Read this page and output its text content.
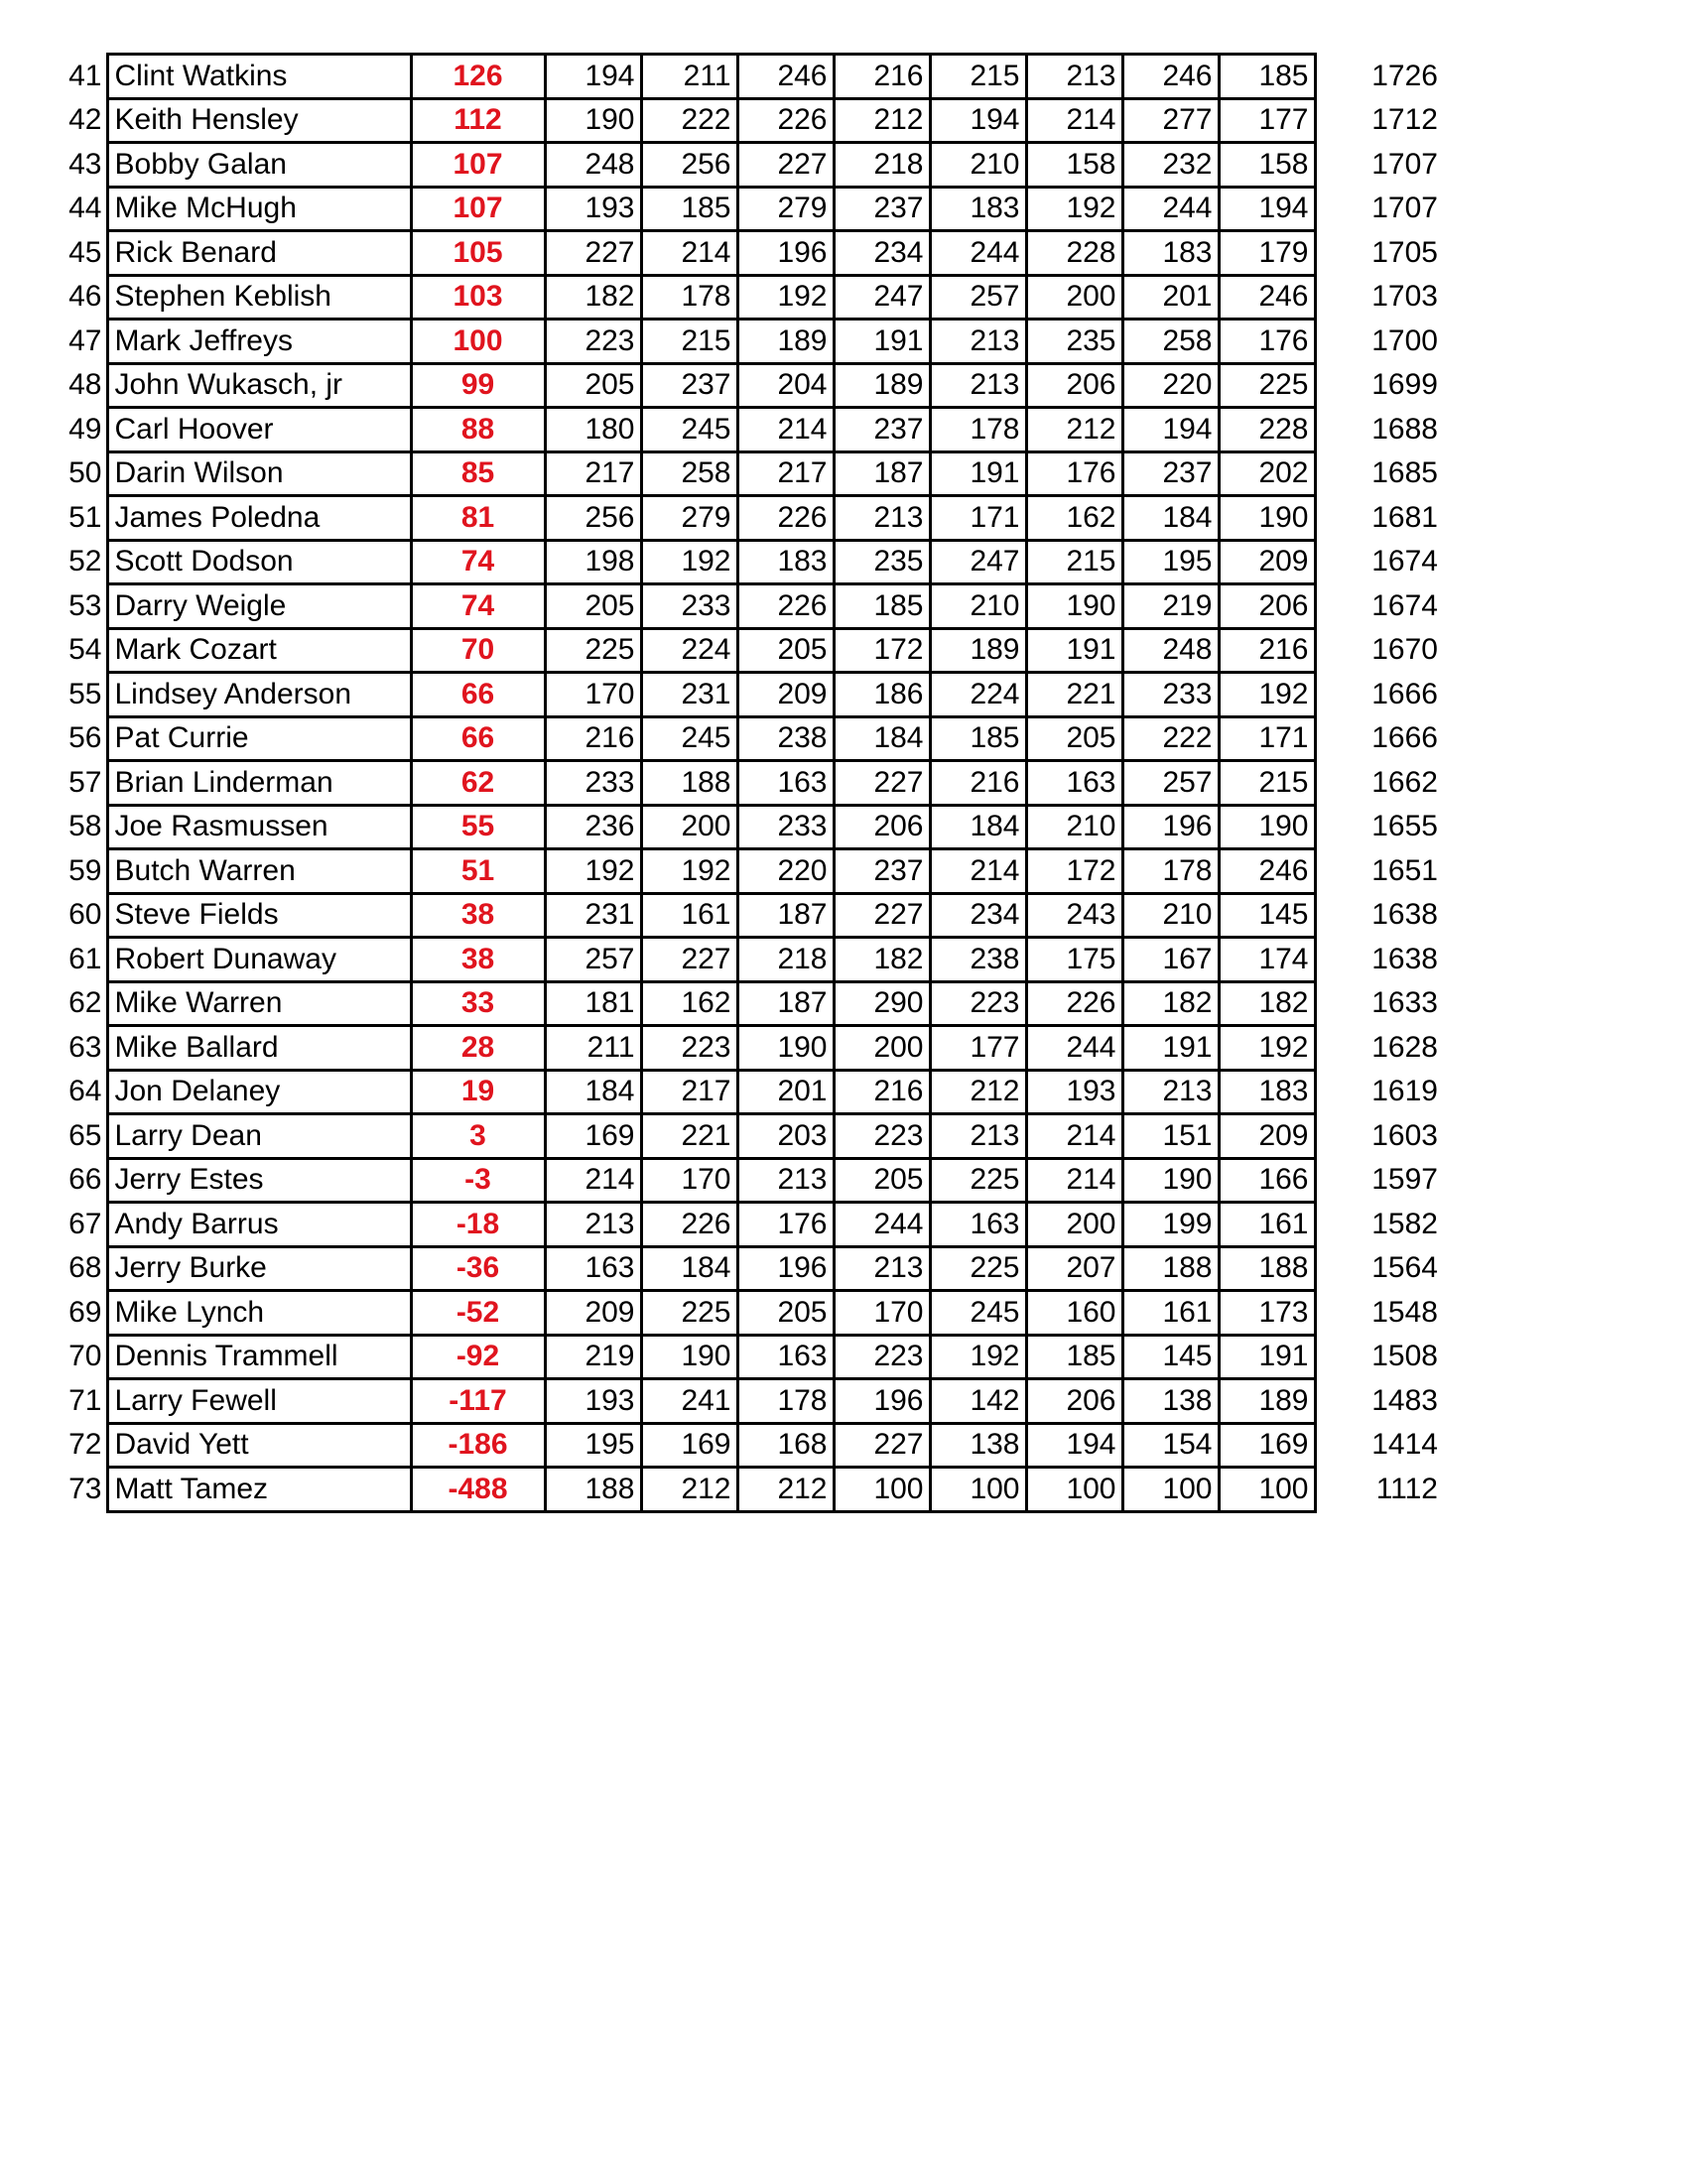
41	Clint Watkins	126	194	211	246	216	215	213	246	185	1726
42	Keith Hensley	112	190	222	226	212	194	214	277	177	1712
43	Bobby Galan	107	248	256	227	218	210	158	232	158	1707
44	Mike McHugh	107	193	185	279	237	183	192	244	194	1707
45	Rick Benard	105	227	214	196	234	244	228	183	179	1705
46	Stephen Keblish	103	182	178	192	247	257	200	201	246	1703
47	Mark Jeffreys	100	223	215	189	191	213	235	258	176	1700
48	John Wukasch, jr	99	205	237	204	189	213	206	220	225	1699
49	Carl Hoover	88	180	245	214	237	178	212	194	228	1688
50	Darin Wilson	85	217	258	217	187	191	176	237	202	1685
51	James Poledna	81	256	279	226	213	171	162	184	190	1681
52	Scott Dodson	74	198	192	183	235	247	215	195	209	1674
53	Darry Weigle	74	205	233	226	185	210	190	219	206	1674
54	Mark Cozart	70	225	224	205	172	189	191	248	216	1670
55	Lindsey Anderson	66	170	231	209	186	224	221	233	192	1666
56	Pat Currie	66	216	245	238	184	185	205	222	171	1666
57	Brian Linderman	62	233	188	163	227	216	163	257	215	1662
58	Joe Rasmussen	55	236	200	233	206	184	210	196	190	1655
59	Butch Warren	51	192	192	220	237	214	172	178	246	1651
60	Steve Fields	38	231	161	187	227	234	243	210	145	1638
61	Robert Dunaway	38	257	227	218	182	238	175	167	174	1638
62	Mike Warren	33	181	162	187	290	223	226	182	182	1633
63	Mike Ballard	28	211	223	190	200	177	244	191	192	1628
64	Jon Delaney	19	184	217	201	216	212	193	213	183	1619
65	Larry Dean	3	169	221	203	223	213	214	151	209	1603
66	Jerry Estes	-3	214	170	213	205	225	214	190	166	1597
67	Andy Barrus	-18	213	226	176	244	163	200	199	161	1582
68	Jerry Burke	-36	163	184	196	213	225	207	188	188	1564
69	Mike Lynch	-52	209	225	205	170	245	160	161	173	1548
70	Dennis Trammell	-92	219	190	163	223	192	185	145	191	1508
71	Larry Fewell	-117	193	241	178	196	142	206	138	189	1483
72	David Yett	-186	195	169	168	227	138	194	154	169	1414
73	Matt Tamez	-488	188	212	212	100	100	100	100	100	1112
